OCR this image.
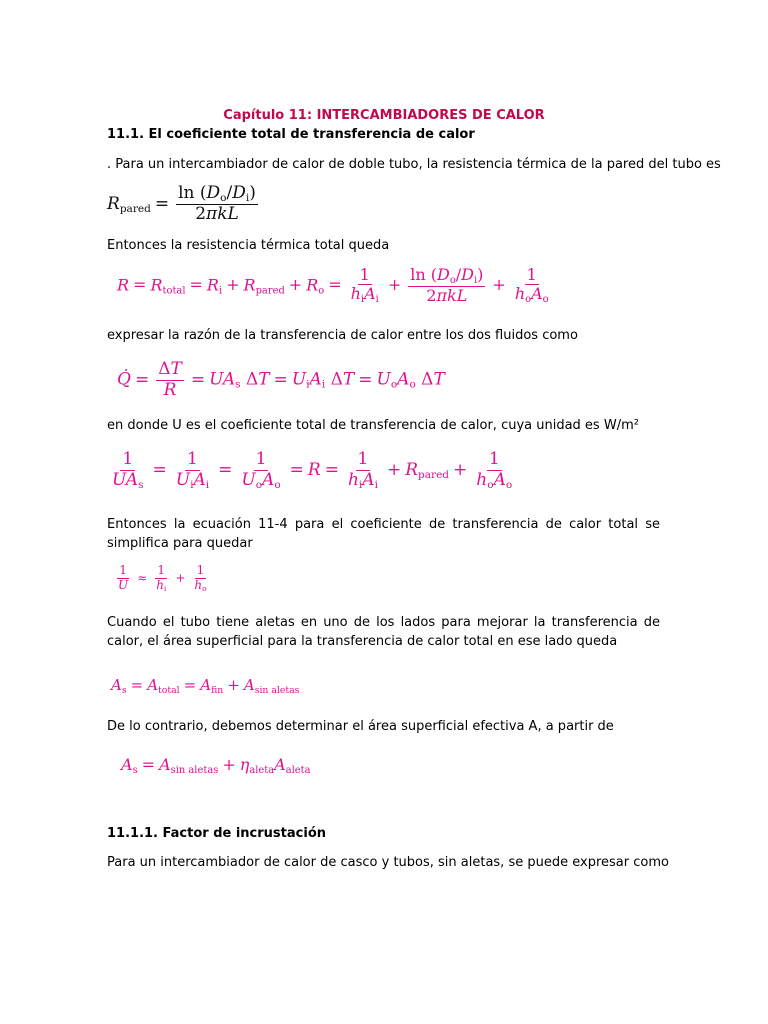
Capítulo 11: INTERCAMBIADORES DE CALOR
11.1. El coeficiente total de transferencia de calor
. Para un intercambiador de calor de doble tubo, la resistencia térmica de la pared del tubo es
$R_{pared} = \frac{\ln (D_o/D_i)}{\text{2πkL}}$
Entonces la resistencia térmica total queda
$R = R_{total} = R_i + R_{pared} + R_o = \frac{1}{h_iA_i} + \frac{\ln (D_o/D_i)}{\text{2πkL}} + \frac{1}{h_oA_o}$
expresar la razón de la transferencia de calor entre los dos fluidos como
Q̇ = $\frac{\Delta T}{R} = UA_s$ $\Delta T = U_iA_i$ $\Delta T = U_oA_o$ ΔT
en donde U es el coeficiente total de transferencia de calor, cuya unidad es W/m²
$\frac{1}{UA_s} = \frac{1}{U_iA_i} = \frac{1}{U_oA_o} = R = \frac{1}{h_iA_i} + R_{pared} + \frac{1}{h_oA_o}$
Entonces la ecuación 11-4 para el coeficiente de transferencia de calor total se simplifica para quedar
$\frac{1}{U} \approx \frac{1}{h_i} + \frac{1}{h_o}$
Cuando el tubo tiene aletas en uno de los lados para mejorar la transferencia de calor, el área superficial para la transferencia de calor total en ese lado queda
$A_s = A_{total} = A_{fin} + A_{sin aletas}$
De lo contrario, debemos determinar el área superficial efectiva A, a partir de
$A_s = A_{sin aletas} + \eta_{aleta}A_{aleta}$
11.1.1. Factor de incrustación
Para un intercambiador de calor de casco y tubos, sin aletas, se puede expresar como
